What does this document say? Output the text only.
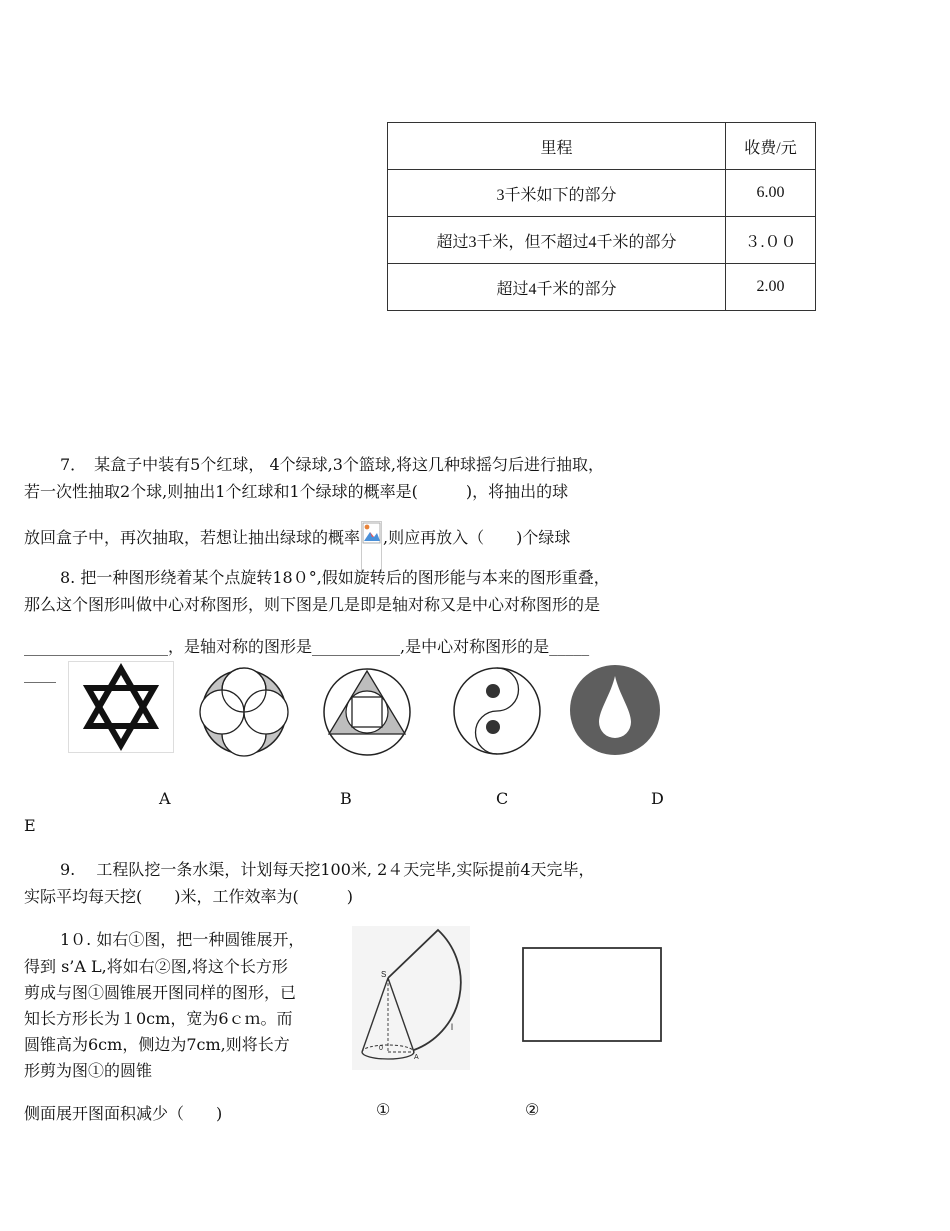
里程	收费/元
3千米如下的部分	6.00
超过3千米，但不超过4千米的部分	３.００
超过4千米的部分	2.00
7．　某盒子中装有5个红球， 4个绿球,3个篮球,将这几种球摇匀后进行抽取，
若一次性抽取2个球,则抽出1个红球和1个绿球的概率是(　　　)，将抽出的球
放回盒子中，再次抽取，若想让抽出绿球的概率 ,则应再放入（　　)个绿球
8. 把一种图形绕着某个点旋转18０°,假如旋转后的图形能与本来的图形重叠，
那么这个图形叫做中心对称图形，则下图是几是即是轴对称又是中心对称图形的是
__________________，是轴对称的图形是___________,是中心对称图形的是_____
____
A	B	C	D
E
9.　 工程队挖一条水渠，计划每天挖100米, 2４天完毕,实际提前4天完毕，
实际平均每天挖(　　)米，工作效率为(　　　)
1０. 如右①图，把一种圆锥展开，
得到 s’A L,将如右②图,将这个长方形
剪成与图①圆锥展开图同样的图形，已
知长方形长为１0cm，宽为6ｃｍ。而
圆锥高为6cm，侧边为7cm,则将长方
形剪为图①的圆锥
侧面展开图面积减少（　　)
S
l
A
0
①	②
